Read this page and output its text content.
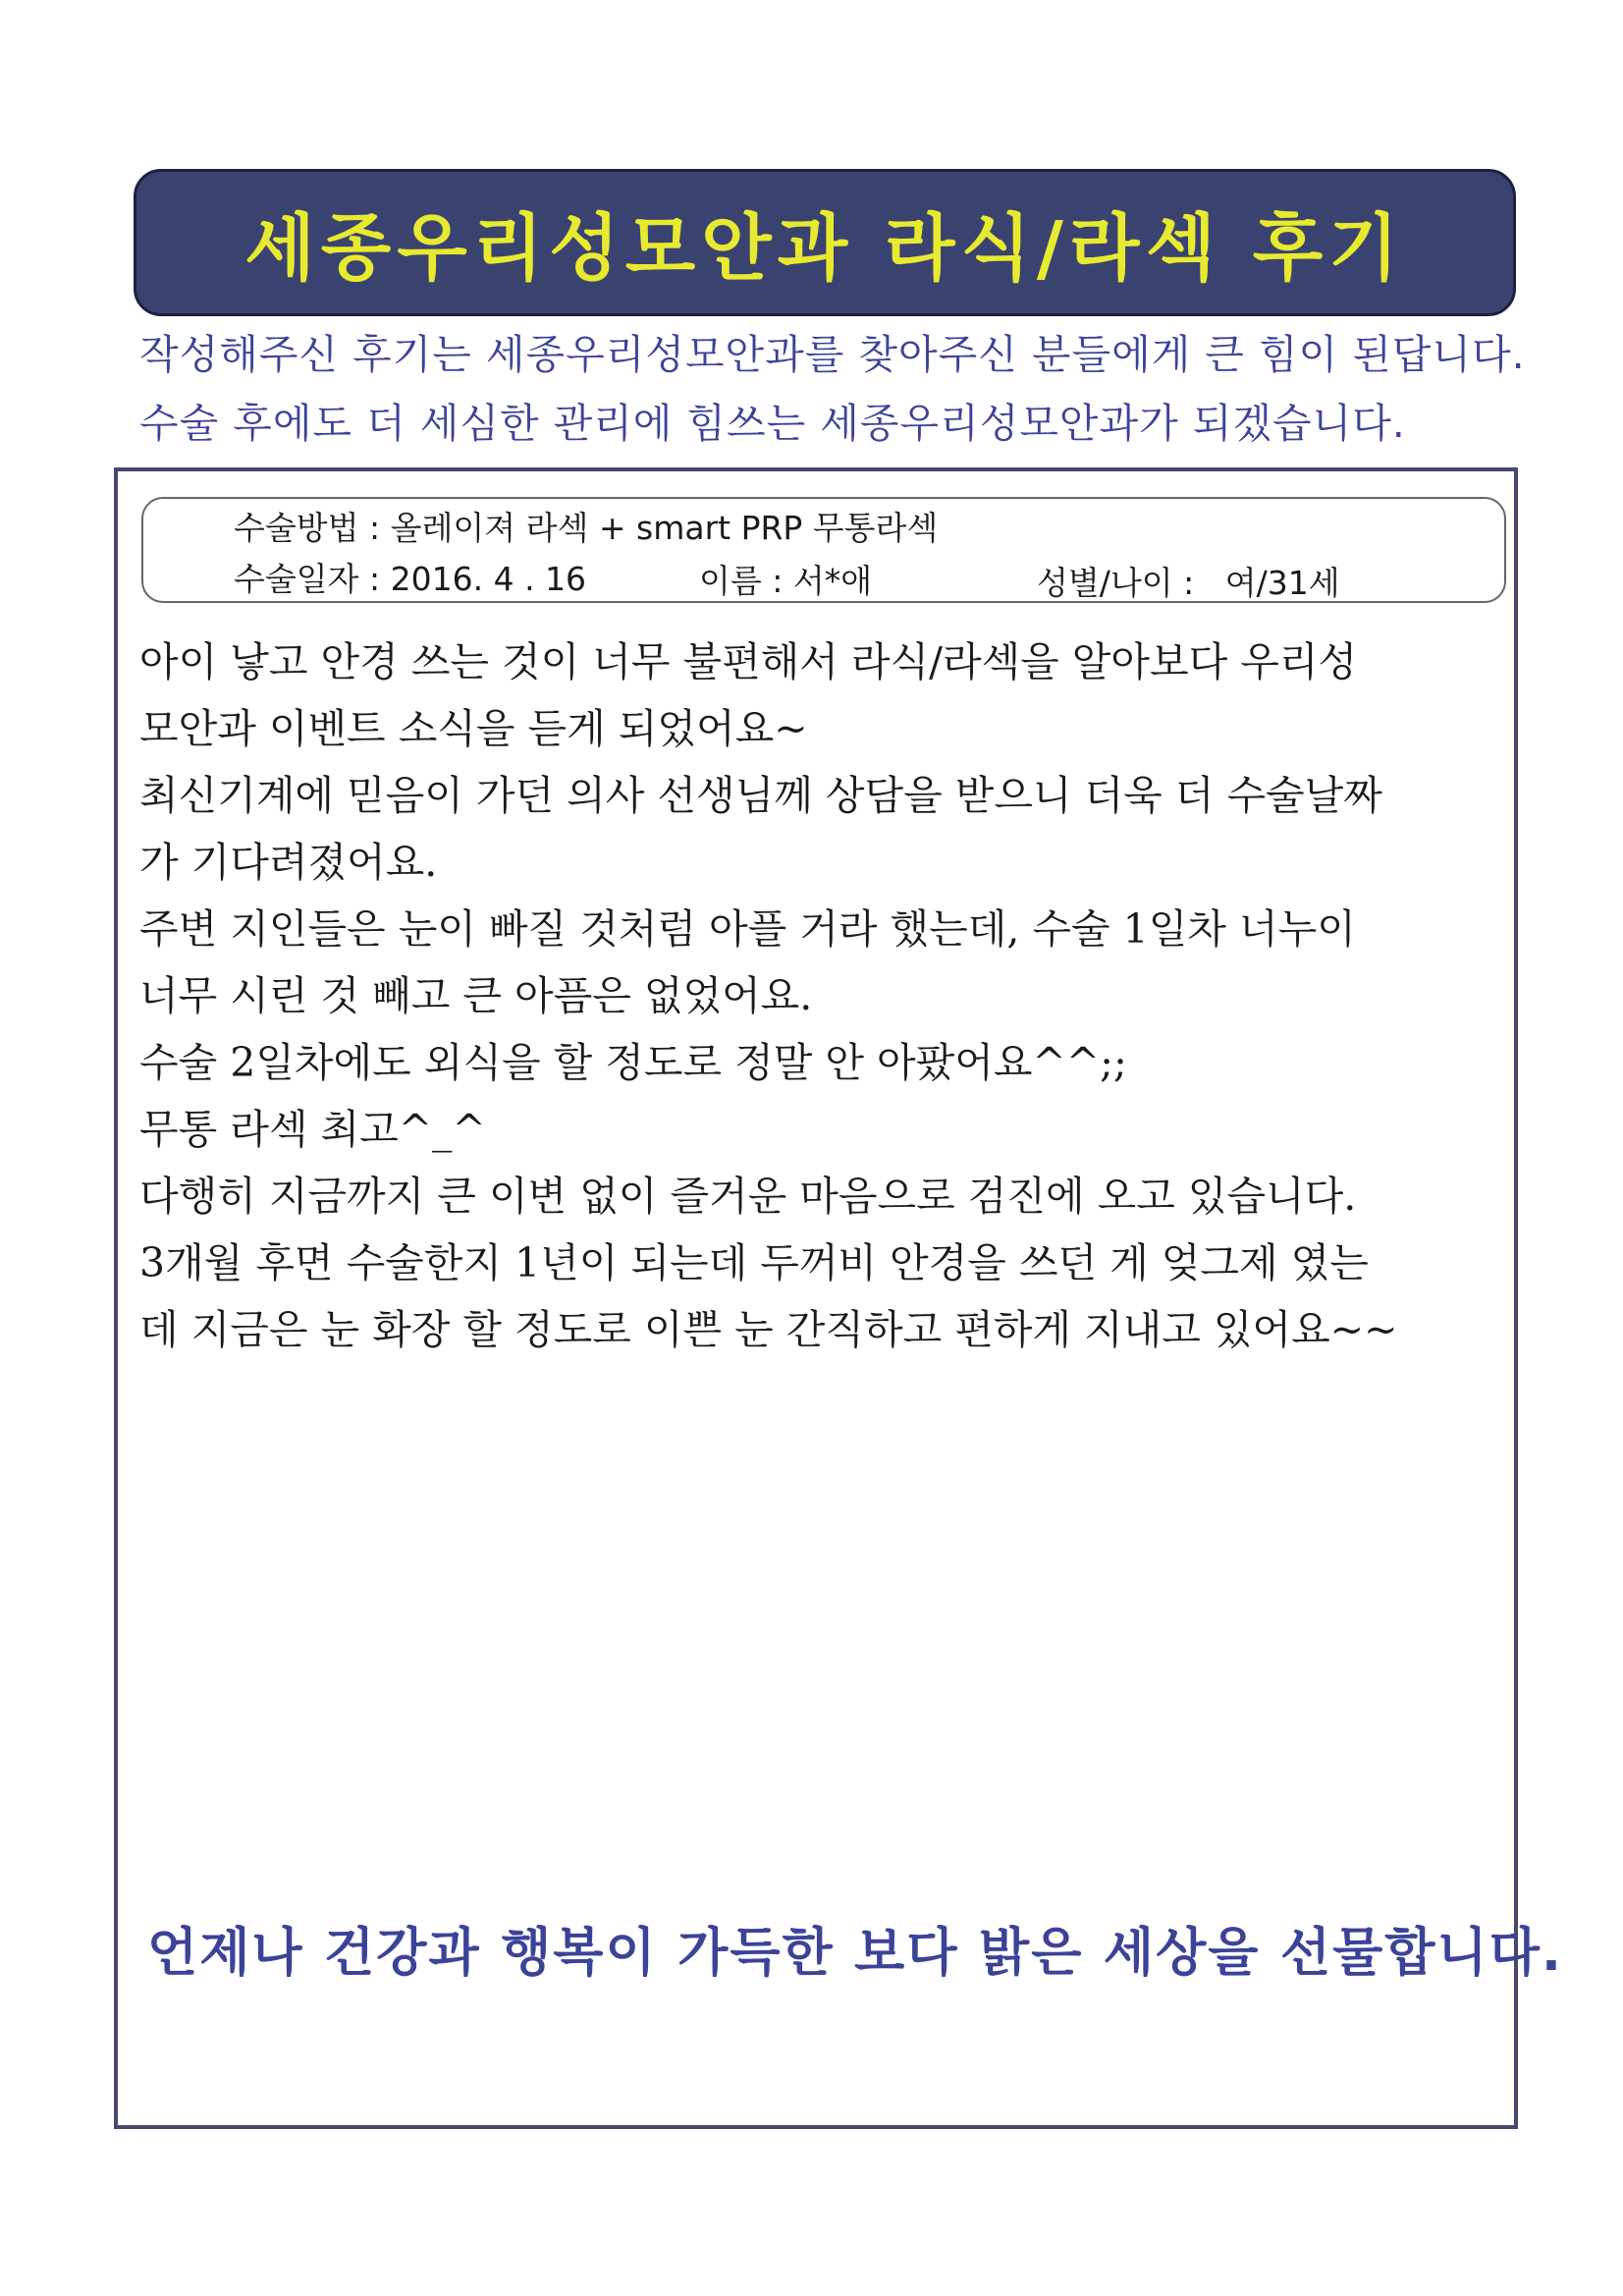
세종우리성모안과 라식/라섹 후기
작성해주신 후기는 세종우리성모안과를 찾아주신 분들에게 큰 힘이 된답니다.
수술 후에도 더 세심한 관리에 힘쓰는 세종우리성모안과가 되겠습니다.
수술방법 : 올레이져 라섹 + smart PRP 무통라섹
수술일자 : 2016. 4 . 16	이름 : 서*애	성별/나이 :   여/31세
아이 낳고 안경 쓰는 것이 너무 불편해서 라식/라섹을 알아보다 우리성
모안과 이벤트 소식을 듣게 되었어요~
최신기계에 믿음이 가던 의사 선생님께 상담을 받으니 더욱 더 수술날짜
가 기다려졌어요.
주변 지인들은 눈이 빠질 것처럼 아플 거라 했는데, 수술 1일차 너누이
너무 시린 것 빼고 큰 아픔은 없었어요.
수술 2일차에도 외식을 할 정도로 정말 안 아팠어요^^;;
무통 라섹 최고^_^
다행히 지금까지 큰 이변 없이 즐거운 마음으로 검진에 오고 있습니다.
3개월 후면 수술한지 1년이 되는데 두꺼비 안경을 쓰던 게 엊그제 였는
데 지금은 눈 화장 할 정도로 이쁜 눈 간직하고 편하게 지내고 있어요~~
언제나 건강과 행복이 가득한 보다 밝은 세상을 선물합니다.
